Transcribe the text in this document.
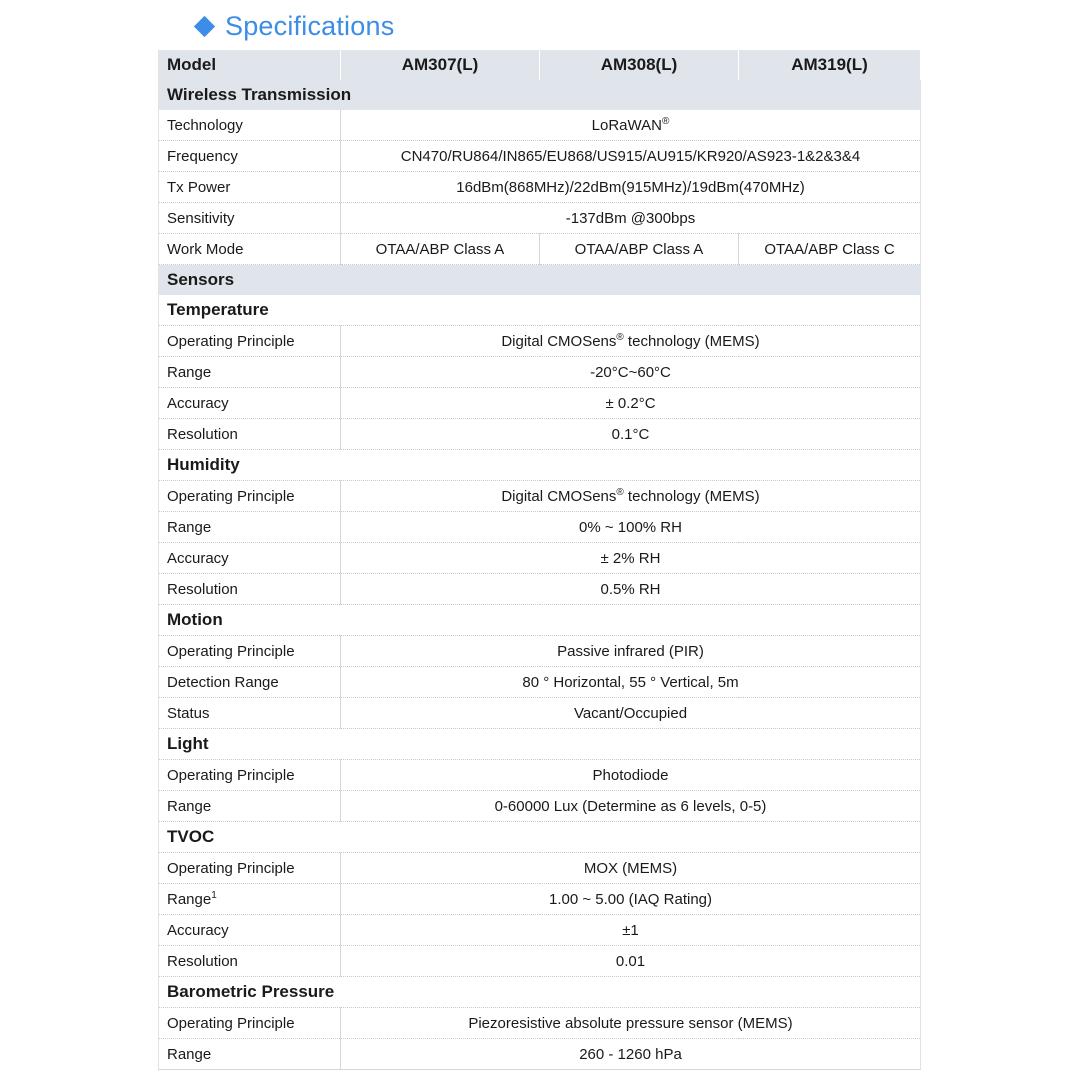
Specifications
Model	AM307(L)	AM308(L)	AM319(L)
Wireless Transmission			
Technology	LoRaWAN®
Frequency	CN470/RU864/IN865/EU868/US915/AU915/KR920/AS923-1&2&3&4		
Tx Power	16dBm(868MHz)/22dBm(915MHz)/19dBm(470MHz)		
Sensitivity	-137dBm @300bps		
Work Mode	OTAA/ABP Class A	OTAA/ABP Class A	OTAA/ABP Class C
Sensors			
Temperature			
Operating Principle	Digital CMOSens® technology (MEMS)		
Range	-20°C~60°C		
Accuracy	± 0.2°C		
Resolution	0.1°C		
Humidity			
Operating Principle	Digital CMOSens® technology (MEMS)		
Range	0% ~ 100% RH		
Accuracy	± 2% RH		
Resolution	0.5% RH		
Motion			
Operating Principle	Passive infrared (PIR)		
Detection Range	80 ° Horizontal, 55 ° Vertical, 5m		
Status	Vacant/Occupied		
Light			
Operating Principle	Photodiode		
Range	0-60000 Lux (Determine as 6 levels, 0-5)		
TVOC			
Operating Principle	MOX (MEMS)		
Range$^1$	1.00 ~ 5.00 (IAQ Rating)		
Accuracy	±1		
Resolution	0.01		
Barometric Pressure			
Operating Principle	Piezoresistive absolute pressure sensor (MEMS)		
Range	260 - 1260 hPa		
